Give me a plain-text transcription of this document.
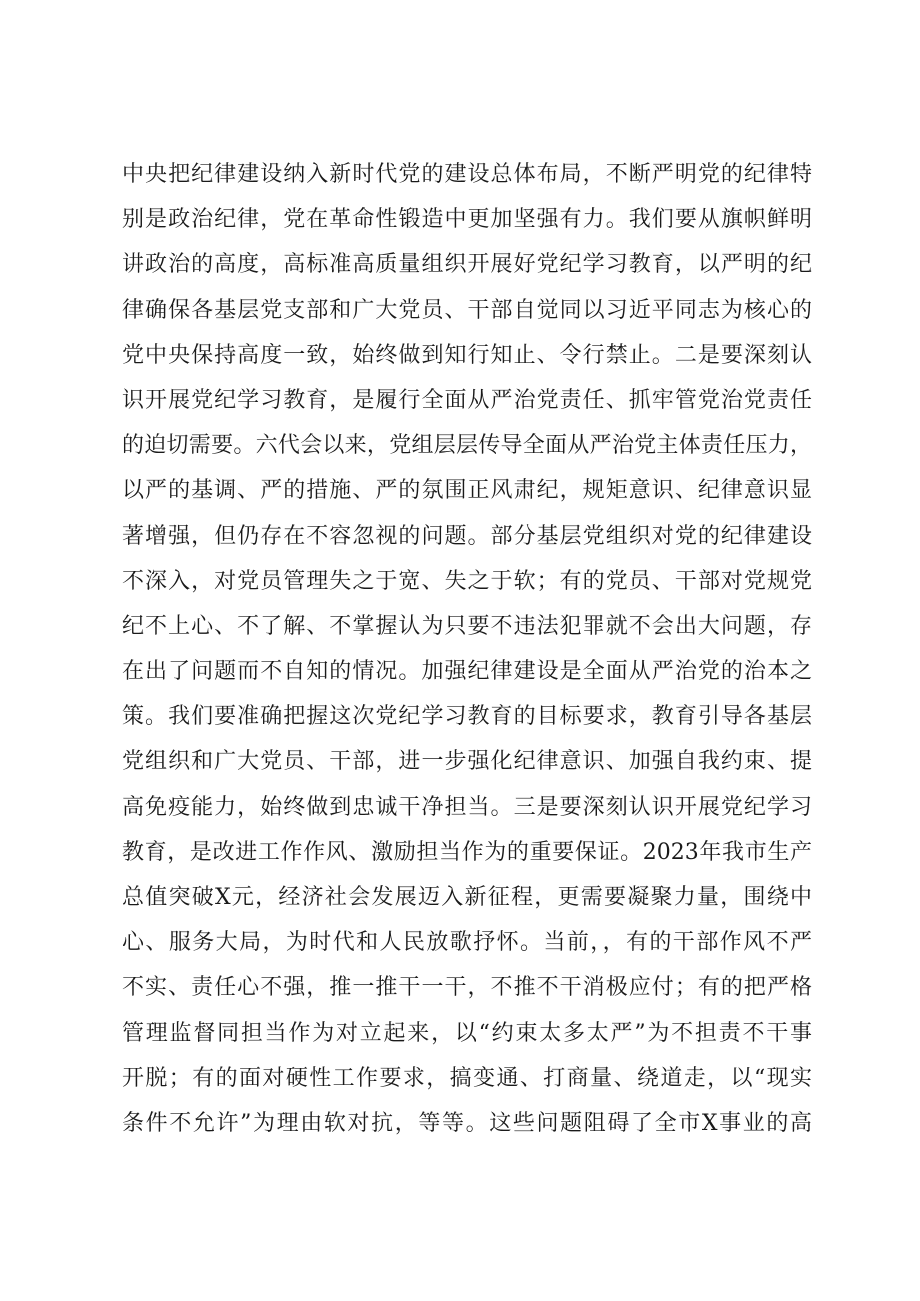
中央把纪律建设纳入新时代党的建设总体布局，不断严明党的纪律特
别是政治纪律，党在革命性锻造中更加坚强有力。我们要从旗帜鲜明
讲政治的高度，高标准高质量组织开展好党纪学习教育，以严明的纪
律确保各基层党支部和广大党员、干部自觉同以习近平同志为核心的
党中央保持高度一致，始终做到知行知止、令行禁止。二是要深刻认
识开展党纪学习教育，是履行全面从严治党责任、抓牢管党治党责任
的迫切需要。六代会以来，党组层层传导全面从严治党主体责任压力，
以严的基调、严的措施、严的氛围正风肃纪，规矩意识、纪律意识显
著增强，但仍存在不容忽视的问题。部分基层党组织对党的纪律建设
不深入，对党员管理失之于宽、失之于软；有的党员、干部对党规党
纪不上心、不了解、不掌握认为只要不违法犯罪就不会出大问题，存
在出了问题而不自知的情况。加强纪律建设是全面从严治党的治本之
策。我们要准确把握这次党纪学习教育的目标要求，教育引导各基层
党组织和广大党员、干部，进一步强化纪律意识、加强自我约束、提
高免疫能力，始终做到忠诚干净担当。三是要深刻认识开展党纪学习
教育，是改进工作作风、激励担当作为的重要保证。2023年我市生产
总值突破X元，经济社会发展迈入新征程，更需要凝聚力量，围绕中
心、服务大局，为时代和人民放歌抒怀。当前，，有的干部作风不严
不实、责任心不强，推一推干一干，不推不干消极应付；有的把严格
管理监督同担当作为对立起来，以“约束太多太严”为不担责不干事
开脱；有的面对硬性工作要求，搞变通、打商量、绕道走，以“现实
条件不允许”为理由软对抗，等等。这些问题阻碍了全市X事业的高
